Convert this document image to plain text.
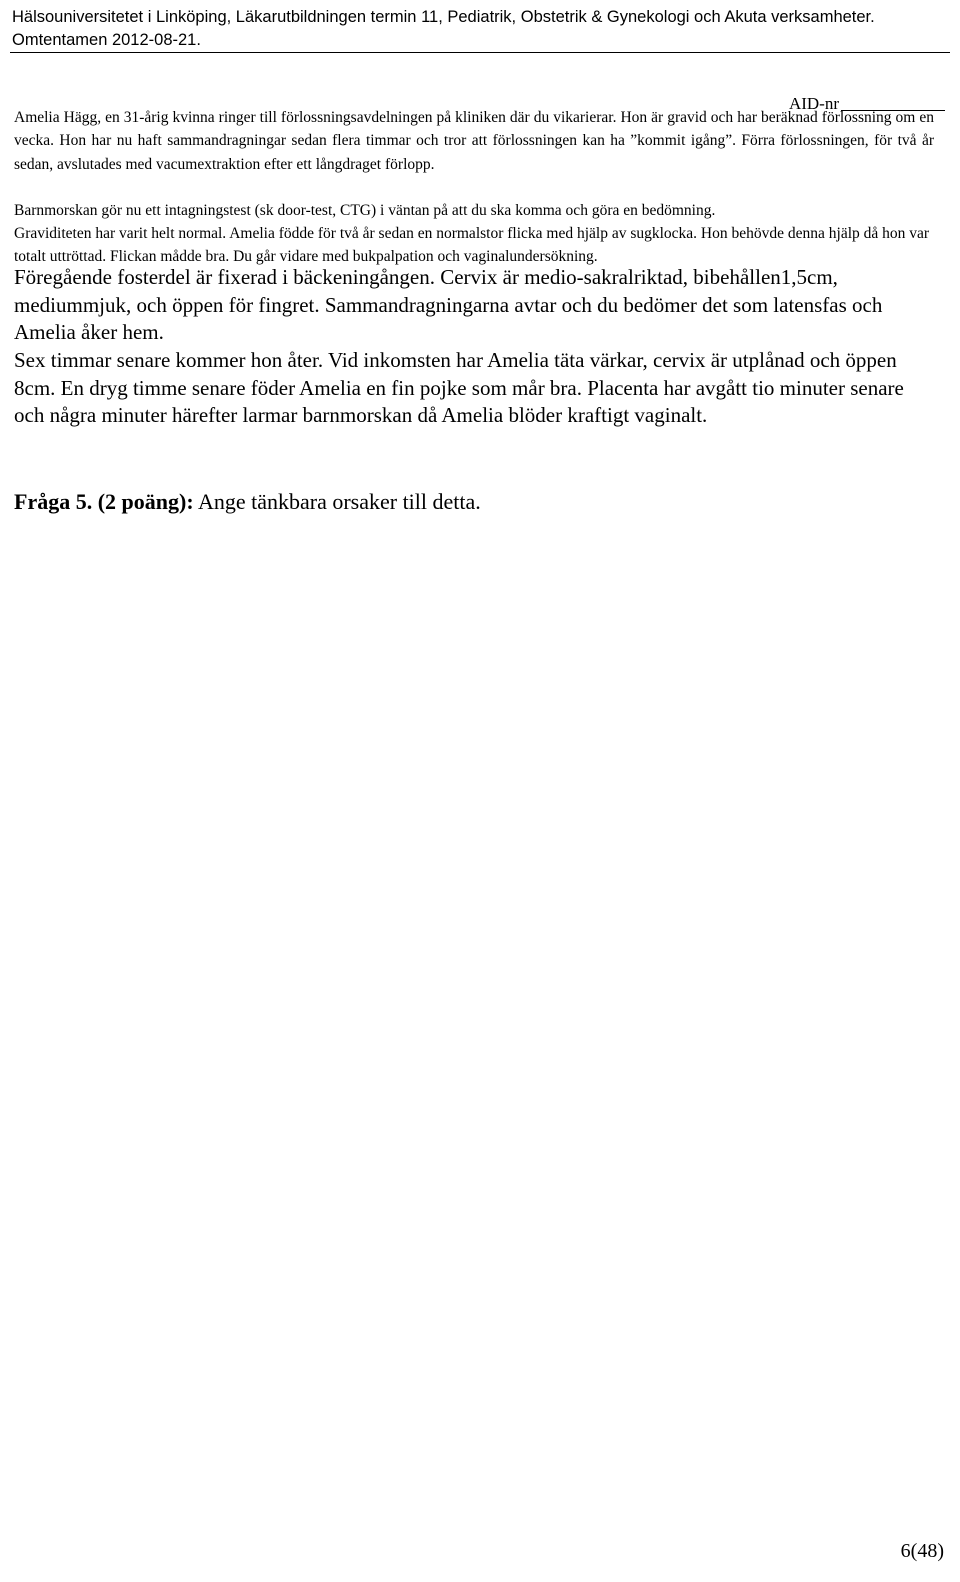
Hälsouniversitetet i Linköping, Läkarutbildningen termin 11, Pediatrik, Obstetrik & Gynekologi och Akuta verksamheter.
Omtentamen 2012-08-21.
AID-nr

Amelia Hägg, en 31-årig kvinna ringer till förlossningsavdelningen på kliniken där du vikarierar. Hon är gravid och har beräknad förlossning om en vecka. Hon har nu haft sammandragningar sedan flera timmar och tror att förlossningen kan ha ”kommit igång”. Förra förlossningen, för två år sedan, avslutades med vacumextraktion efter ett långdraget förlopp.

Barnmorskan gör nu ett intagningstest (sk door-test, CTG) i väntan på att du ska komma och göra en bedömning.

Graviditeten har varit helt normal. Amelia födde för två år sedan en normalstor flicka med hjälp av sugklocka. Hon behövde denna hjälp då hon var totalt uttröttad. Flickan mådde bra. Du går vidare med bukpalpation och vaginalundersökning.

Föregående fosterdel är fixerad i bäckeningången. Cervix är medio-sakralriktad, bibehållen1,5cm, mediummjuk, och öppen för fingret. Sammandragningarna avtar och du bedömer det som latensfas och Amelia åker hem.

Sex timmar senare kommer hon åter. Vid inkomsten har Amelia täta värkar, cervix är utplånad och öppen 8cm. En dryg timme senare föder Amelia en fin pojke som mår bra. Placenta har avgått tio minuter senare och några minuter härefter larmar barnmorskan då Amelia blöder kraftigt vaginalt.

Fråga 5. (2 poäng): Ange tänkbara orsaker till detta.

6(48)
